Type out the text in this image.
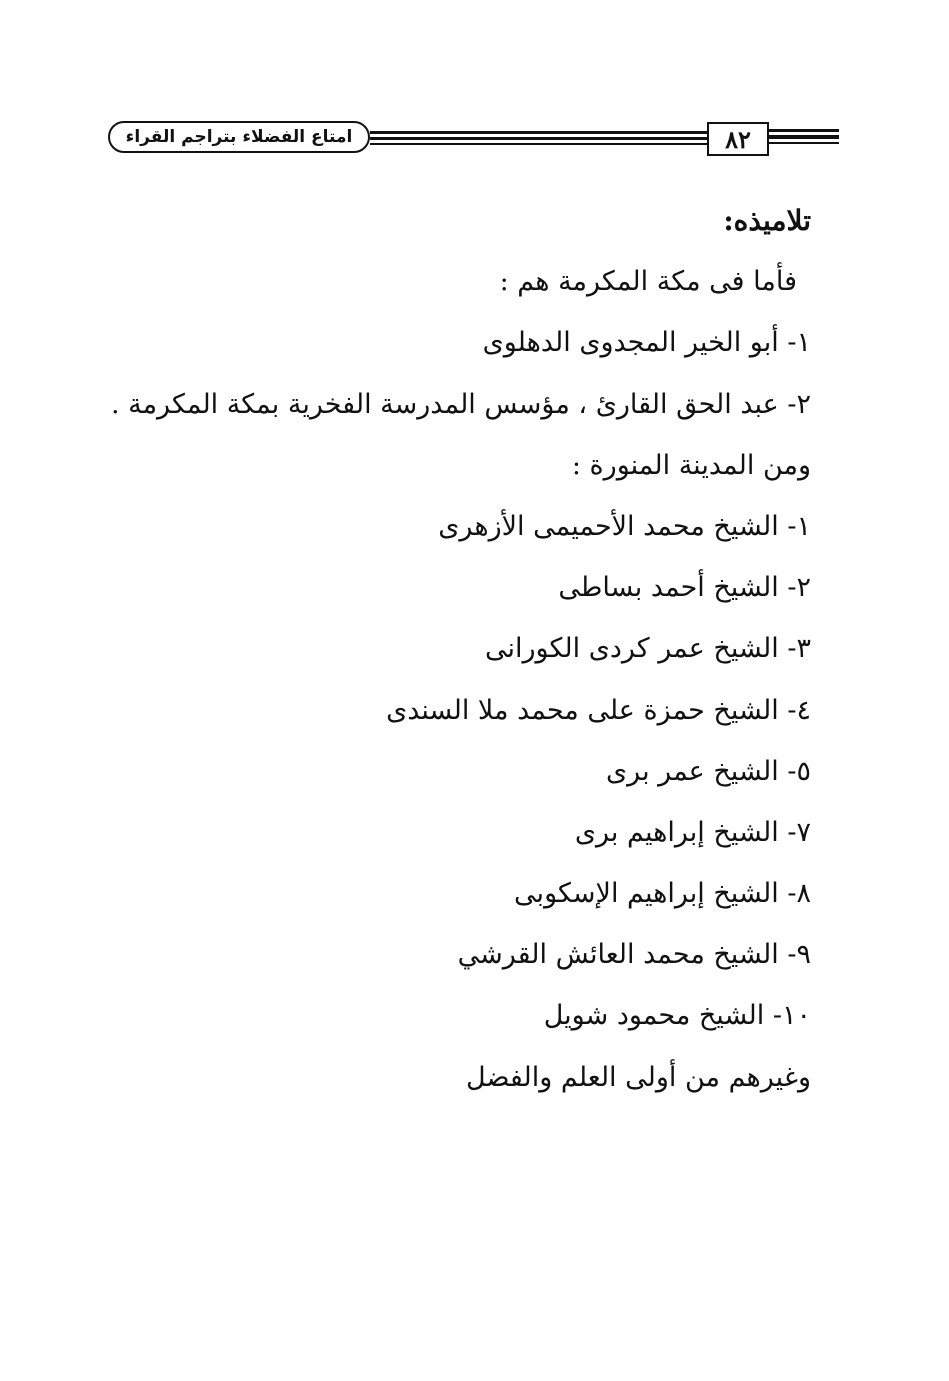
امتاع الفضلاء بتراجم القراء	٨٢
تلاميذه:
فأما فى مكة المكرمة هم :
١- أبو الخير المجدوى الدهلوى
٢- عبد الحق القارئ ، مؤسس المدرسة الفخرية بمكة المكرمة .
ومن المدينة المنورة :
١- الشيخ محمد الأحميمى الأزهرى
٢- الشيخ أحمد بساطى
٣- الشيخ عمر كردى الكورانى
٤- الشيخ حمزة على محمد ملا السندى
٥- الشيخ عمر برى
٧- الشيخ إبراهيم برى
٨- الشيخ إبراهيم الإسكوبى
٩- الشيخ محمد العائش القرشي
١٠- الشيخ محمود شويل
وغيرهم من أولى العلم والفضل
